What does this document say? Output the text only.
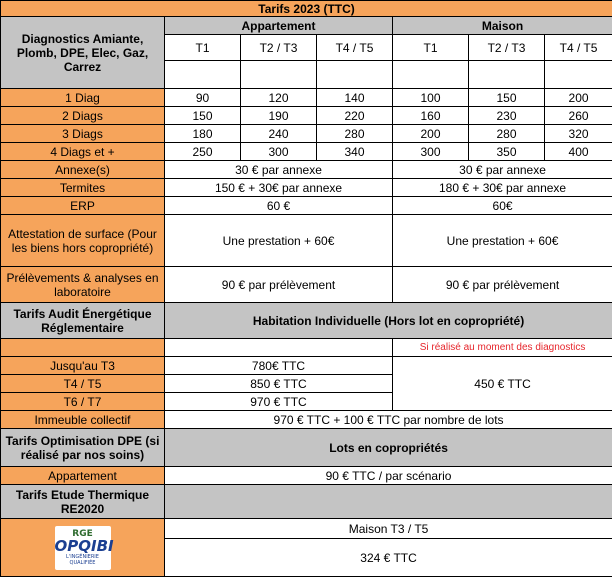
Tarifs 2023 (TTC)						
Diagnostics Amiante, Plomb, DPE, Elec, Gaz, Carrez	Appartement			Maison		
	T1	T2 / T3	T4 / T5	T1	T2 / T3	T4 / T5

1 Diag	90	120	140	100	150	200
2 Diags	150	190	220	160	230	260
3 Diags	180	240	280	200	280	320
4 Diags et +	250	300	340	300	350	400
Annexe(s)	30 € par annexe			30 € par annexe		
Termites	150 € + 30€ par annexe			180 € + 30€ par annexe		
ERP	60 €			60€		
Attestation de surface (Pour les biens hors copropriété)	Une prestation + 60€			Une prestation + 60€		
Prélèvements & analyses en laboratoire	90 € par prélèvement			90 € par prélèvement		
Tarifs Audit Énergétique Réglementaire	Habitation Individuelle (Hors lot en copropriété)					
				Si réalisé au moment des diagnostics		
Jusqu'au T3	780€ TTC			450 € TTC		
T4 / T5	850 € TTC					
T6 / T7	970 € TTC					
Immeuble collectif	970 € TTC + 100 € TTC par nombre de lots					
Tarifs Optimisation DPE (si réalisé par nos soins)	Lots en copropriétés					
Appartement	90 € TTC / par scénario					
Tarifs Etude Thermique RE2020						

RGE
OPQIBI
L'INGÉNIERIE QUALIFIÉE	Maison T3 / T5					
	324 € TTC					
